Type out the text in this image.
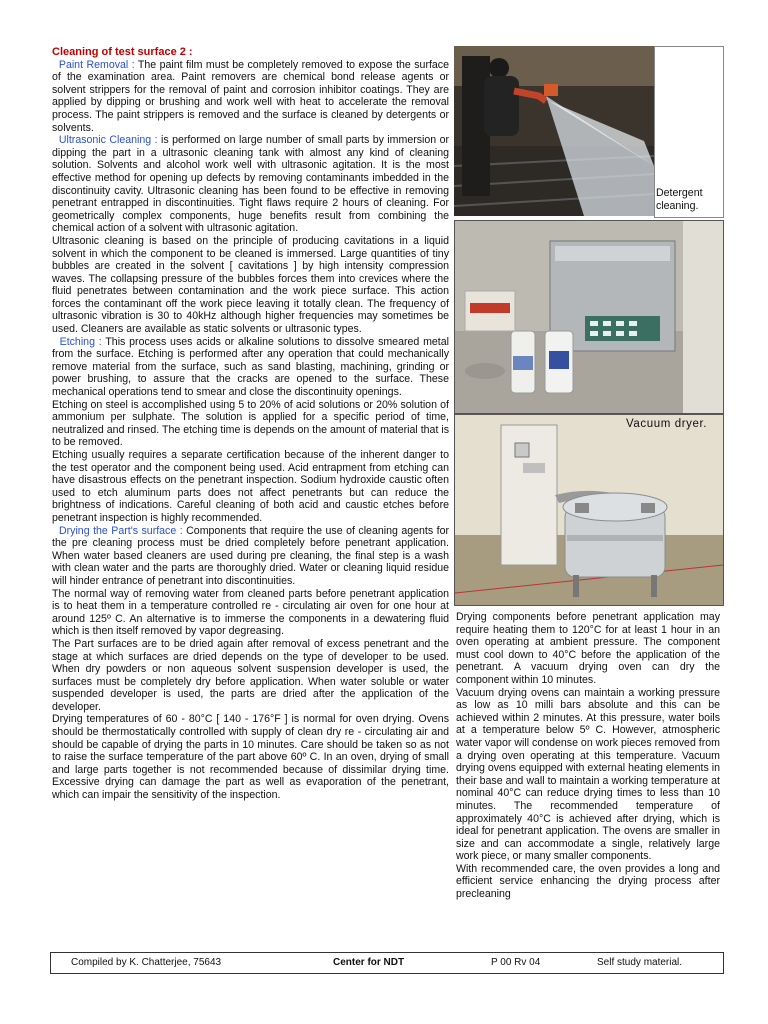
Cleaning of test surface 2 :

Paint Removal : The paint film must be completely removed to expose the surface of the examination area. Paint removers are chemical bond release agents or solvent strippers for the removal of paint and corrosion inhibitor coatings. They are applied by dipping or brushing and work well with heat to accelerate the removal process. The paint strippers is removed and the surface is cleaned by detergents or solvents.

Ultrasonic Cleaning : is performed on large number of small parts by immersion or dipping the part in a ultrasonic cleaning tank with almost any kind of cleaning solution. Solvents and alcohol work well with ultrasonic agitation. It is the most effective method for opening up defects by removing contaminants imbedded in the discontinuity cavity. Ultrasonic cleaning has been found to be effective in removing penetrant entrapped in discontinuities. Tight flaws require 2 hours of cleaning. For geometrically complex components, huge benefits result from combining the chemical action of a solvent with ultrasonic agitation.

Ultrasonic cleaning is based on the principle of producing cavitations in a liquid solvent in which the component to be cleaned is immersed. Large quantities of tiny bubbles are created in the solvent [ cavitations ] by high intensity compression waves. The collapsing pressure of the bubbles forces them into crevices where the fluid penetrates between contamination and the work piece surface. This action forces the contaminant off the work piece leaving it totally clean. The frequency of ultrasonic vibration is 30 to 40kHz although higher frequencies may sometimes be used. Cleaners are available as static solvents or ultrasonic types.

Etching : This process uses acids or alkaline solutions to dissolve smeared metal from the surface. Etching is performed after any operation that could mechanically remove material from the surface, such as sand blasting, machining, grinding or power brushing, to assure that the cracks are opened to the surface. These mechanical operations tend to smear and close the discontinuity openings.

Etching on steel is accomplished using 5 to 20% of acid solutions or 20% solution of ammonium per sulphate. The solution is applied for a specific period of time, neutralized and rinsed. The etching time is depends on the amount of material that is to be removed.

Etching usually requires a separate certification because of the inherent danger to the test operator and the component being used. Acid entrapment from etching can have disastrous effects on the penetrant inspection. Sodium hydroxide caustic often used to etch aluminum parts does not affect penetrants but can reduce the brightness of indications. Careful cleaning of both acid and caustic etches before penetrant inspection is highly recommended.

Drying the Part's surface : Components that require the use of cleaning agents for the pre cleaning process must be dried completely before penetrant application. When water based cleaners are used during pre cleaning, the final step is a wash with clean water and the parts are thoroughly dried. Water or cleaning liquid residue will hinder entrance of penetrant into discontinuities.

The normal way of removing water from cleaned parts before penetrant application is to heat them in a temperature controlled re - circulating air oven for one hour at around 125º C. An alternative is to immerse the components in a dewatering fluid which is then itself removed by vapor degreasing.

The Part surfaces are to be dried again after removal of excess penetrant and the stage at which surfaces are dried depends on the type of developer to be used. When dry powders or non aqueous solvent suspension developer is used, the surfaces must be completely dry before application. When water soluble or water suspended developer is used, the parts are dried after the application of the developer.

Drying temperatures of 60 - 80°C [ 140 - 176°F ] is normal for oven drying. Ovens should be thermostatically controlled with supply of clean dry re - circulating air and should be capable of drying the parts in 10 minutes. Care should be taken so as not to raise the surface temperature of the part above 60º C. In an oven, drying of small and large parts together is not recommended because of dissimilar drying time. Excessive drying can damage the part as well as evaporation of the penetrant, which can impair the sensitivity of the inspection.

Detergent cleaning.
Vacuum dryer.

Drying components before penetrant application may require heating them to 120°C for at least 1 hour in an oven operating at ambient pressure. The component must cool down to 40°C before the application of the penetrant. A vacuum drying oven can dry the component within 10 minutes.

Vacuum drying ovens can maintain a working pressure as low as 10 milli bars absolute and this can be achieved within 2 minutes. At this pressure, water boils at a temperature below 5º C. However, atmospheric water vapor will condense on work pieces removed from a drying oven operating at this temperature. Vacuum drying ovens equipped with external heating elements in their base and wall to maintain a working temperature at nominal 40°C can reduce drying times to less than 10 minutes. The recommended temperature of approximately 40°C is achieved after drying, which is ideal for penetrant application. The ovens are smaller in size and can accommodate a single, relatively large work piece, or many smaller components.

With recommended care, the oven provides a long and efficient service enhancing the drying process after precleaning

Compiled by K. Chatterjee, 75643	Center for NDT	P 00 Rv 04	Self study material.
